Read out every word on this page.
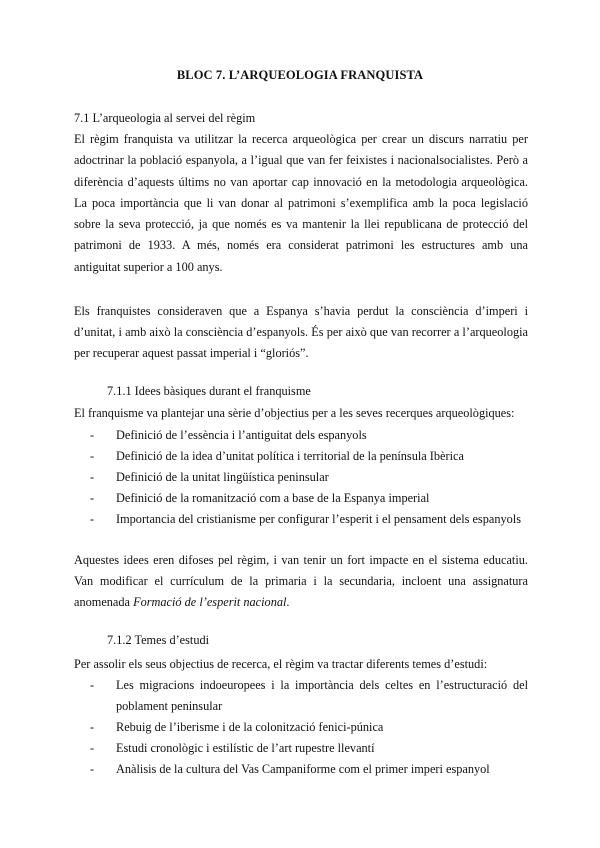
BLOC 7. L’ARQUEOLOGIA FRANQUISTA
7.1 L’arqueologia al servei del règim
El règim franquista va utilitzar la recerca arqueològica per crear un discurs narratiu per adoctrinar la població espanyola, a l’igual que van fer feixistes i nacionalsocialistes. Però a diferència d’aquests últims no van aportar cap innovació en la metodologia arqueològica. La poca importància que li van donar al patrimoni s’exemplifica amb la poca legislació sobre la seva protecció, ja que només es va mantenir la llei republicana de protecció del patrimoni de 1933. A més, només era considerat patrimoni les estructures amb una antiguitat superior a 100 anys.
Els franquistes consideraven que a Espanya s’havia perdut la consciència d’imperi i d’unitat, i amb això la consciència d’espanyols. És per això que van recorrer a l’arqueologia per recuperar aquest passat imperial i “gloriós”.
7.1.1 Idees bàsiques durant el franquisme
El franquisme va plantejar una sèrie d’objectius per a les seves recerques arqueològiques:
- Definició de l’essència i l’antiguitat dels espanyols
- Definició de la idea d’unitat política i territorial de la península Ibèrica
- Definició de la unitat lingüística peninsular
- Definició de la romanització com a base de la Espanya imperial
- Importancia del cristianisme per configurar l’esperit i el pensament dels espanyols
Aquestes idees eren difoses pel règim, i van tenir un fort impacte en el sistema educatiu. Van modificar el currículum de la primaria i la secundaria, incloent una assignatura anomenada Formació de l’esperit nacional.
7.1.2 Temes d’estudi
Per assolir els seus objectius de recerca, el règim va tractar diferents temes d’estudi:
- Les migracions indoeuropees i la importància dels celtes en l’estructuració del poblament peninsular
- Rebuig de l’iberisme i de la colonització fenici-púnica
- Estudi cronològic i estilístic de l’art rupestre llevantí
- Anàlisis de la cultura del Vas Campaniforme com el primer imperi espanyol
